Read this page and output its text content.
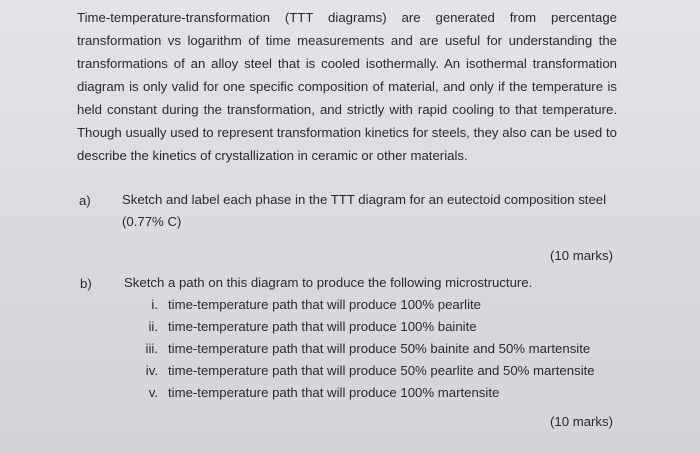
Time-temperature-transformation (TTT diagrams) are generated from percentage transformation vs logarithm of time measurements and are useful for understanding the transformations of an alloy steel that is cooled isothermally. An isothermal transformation diagram is only valid for one specific composition of material, and only if the temperature is held constant during the transformation, and strictly with rapid cooling to that temperature. Though usually used to represent transformation kinetics for steels, they also can be used to describe the kinetics of crystallization in ceramic or other materials.

a) Sketch and label each phase in the TTT diagram for an eutectoid composition steel
(0.77% C)
(10 marks)
b) Sketch a path on this diagram to produce the following microstructure.
i. time-temperature path that will produce 100% pearlite
ii. time-temperature path that will produce 100% bainite
iii. time-temperature path that will produce 50% bainite and 50% martensite
iv. time-temperature path that will produce 50% pearlite and 50% martensite
v. time-temperature path that will produce 100% martensite
(10 marks)
